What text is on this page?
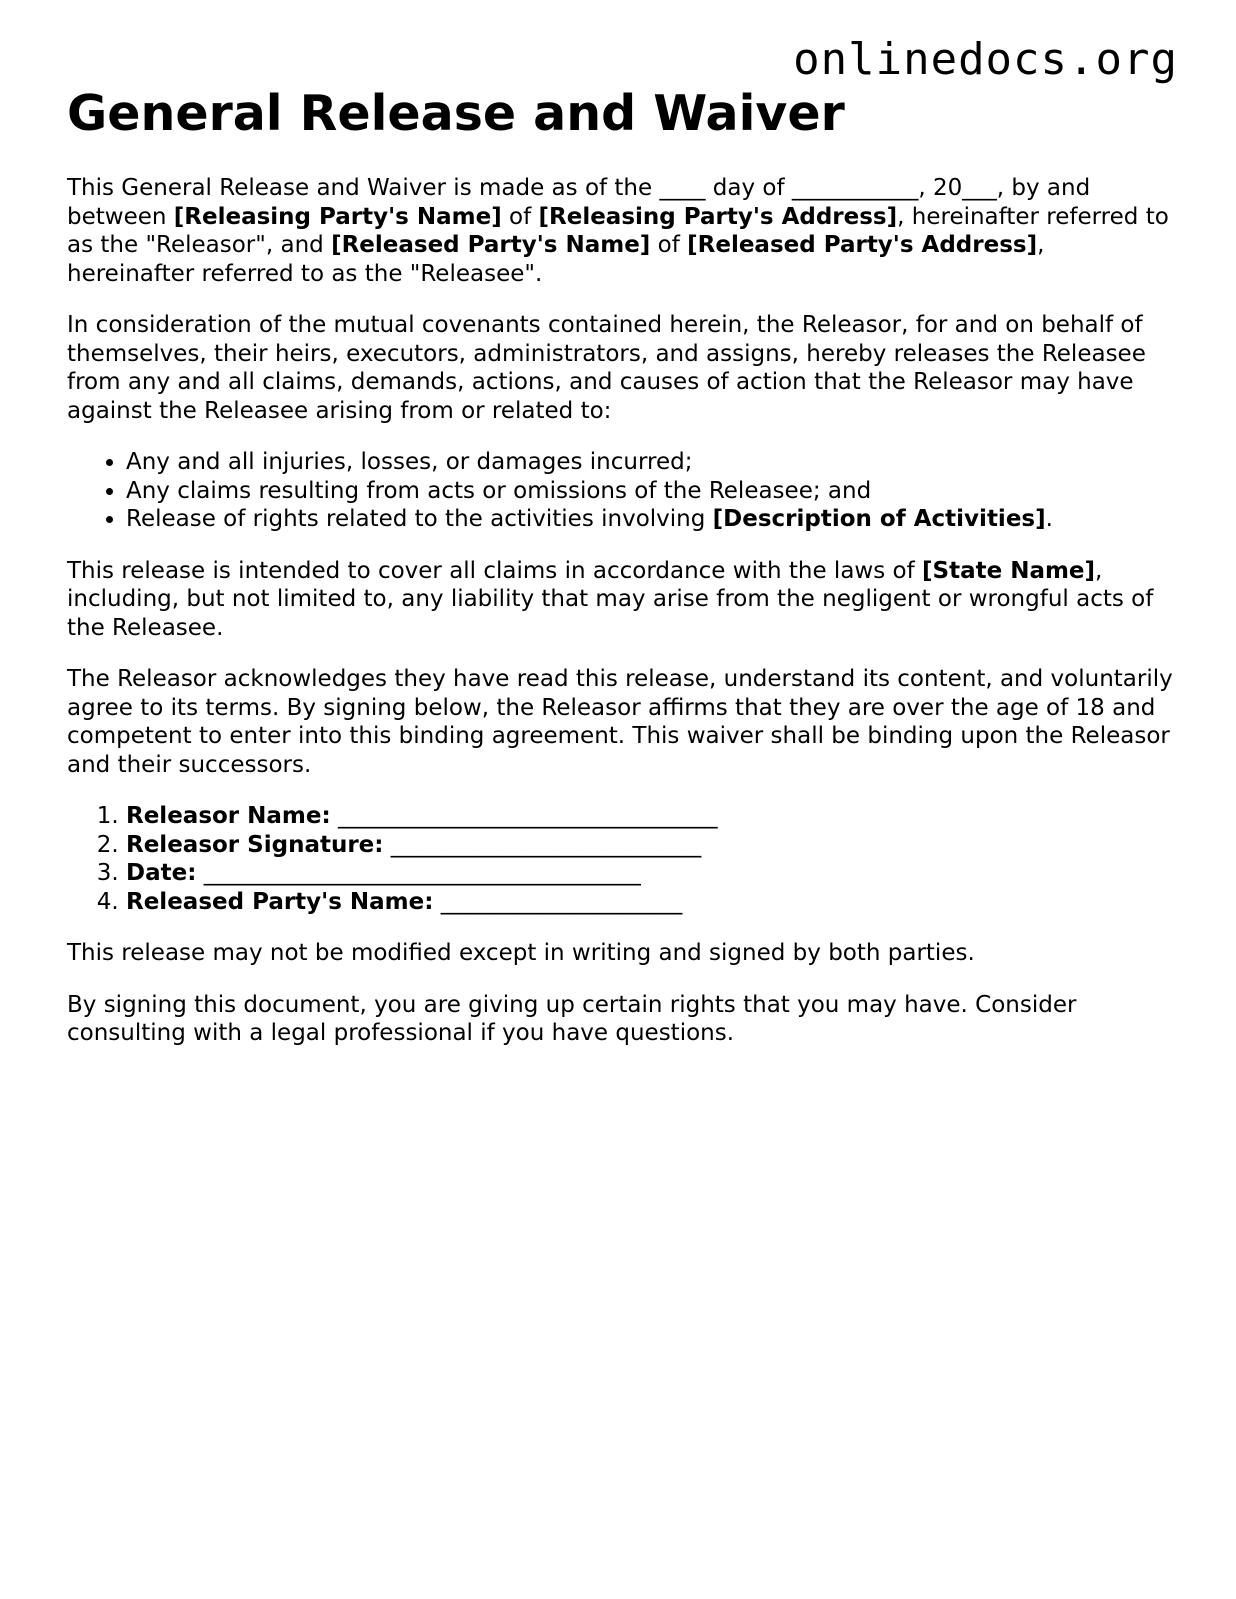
onlinedocs.org
General Release and Waiver

This General Release and Waiver is made as of the ____ day of ___________, 20___, by and between [Releasing Party's Name] of [Releasing Party's Address], hereinafter referred to as the "Releasor", and [Released Party's Name] of [Released Party's Address], hereinafter referred to as the "Releasee".

In consideration of the mutual covenants contained herein, the Releasor, for and on behalf of themselves, their heirs, executors, administrators, and assigns, hereby releases the Releasee from any and all claims, demands, actions, and causes of action that the Releasor may have against the Releasee arising from or related to:

• Any and all injuries, losses, or damages incurred;
• Any claims resulting from acts or omissions of the Releasee; and
• Release of rights related to the activities involving [Description of Activities].

This release is intended to cover all claims in accordance with the laws of [State Name], including, but not limited to, any liability that may arise from the negligent or wrongful acts of the Releasee.

The Releasor acknowledges they have read this release, understand its content, and voluntarily agree to its terms. By signing below, the Releasor affirms that they are over the age of 18 and competent to enter into this binding agreement. This waiver shall be binding upon the Releasor and their successors.

1. Releasor Name: _________________________________
2. Releasor Signature: ___________________________
3. Date: ______________________________________
4. Released Party's Name: _____________________

This release may not be modified except in writing and signed by both parties.

By signing this document, you are giving up certain rights that you may have. Consider consulting with a legal professional if you have questions.
